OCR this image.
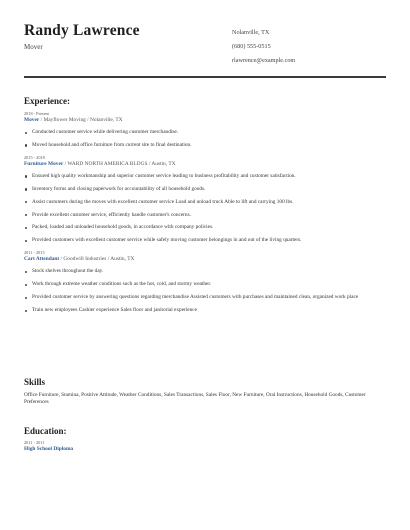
Randy Lawrence
Mover
Nolanville, TX
(680) 555-0515
rlawrence@example.com
Experience:
2018 - Present
Mover / Mayflower Moving / Nolanville, TX
Conducted customer service while delivering customer merchandise.
Moved household and office furniture from current site to final destination.
2015 - 2018
Furniture Mover / WARD NORTH AMERICA BLDGS / Austin, TX
Ensured high quality workmanship and superior customer service leading to business profitability and customer satisfaction.
Inventory forms and closing paperwork for accountability of all household goods.
Assist customers during the moves with excellent customer service Load and unload truck Able to lift and carrying 100 lbs.
Provide excellent customer service, efficiently handle customer's concerns.
Packed, loaded and unloaded household goods, in accordance with company policies.
Provided customers with excellent customer service while safely moving customer belongings in and out of the living quarters.
2011 - 2015
Cart Attendant / Goodwill Industries / Austin, TX
Stock shelves throughout the day.
Work through extreme weather conditions such as the hot, cold, and stormy weather.
Provided customer service by answering questions regarding merchandise Assisted customers with purchases and maintained clean, organized work place
Train new employees Cashier experience Sales floor and janitorial experience
Skills
Office Furniture, Stamina, Positive Attitude, Weather Conditions, Sales Transactions, Sales Floor, New Furniture, Oral Instructions, Household Goods, Customer Preferences
Education:
2011 - 2011
High School Diploma
